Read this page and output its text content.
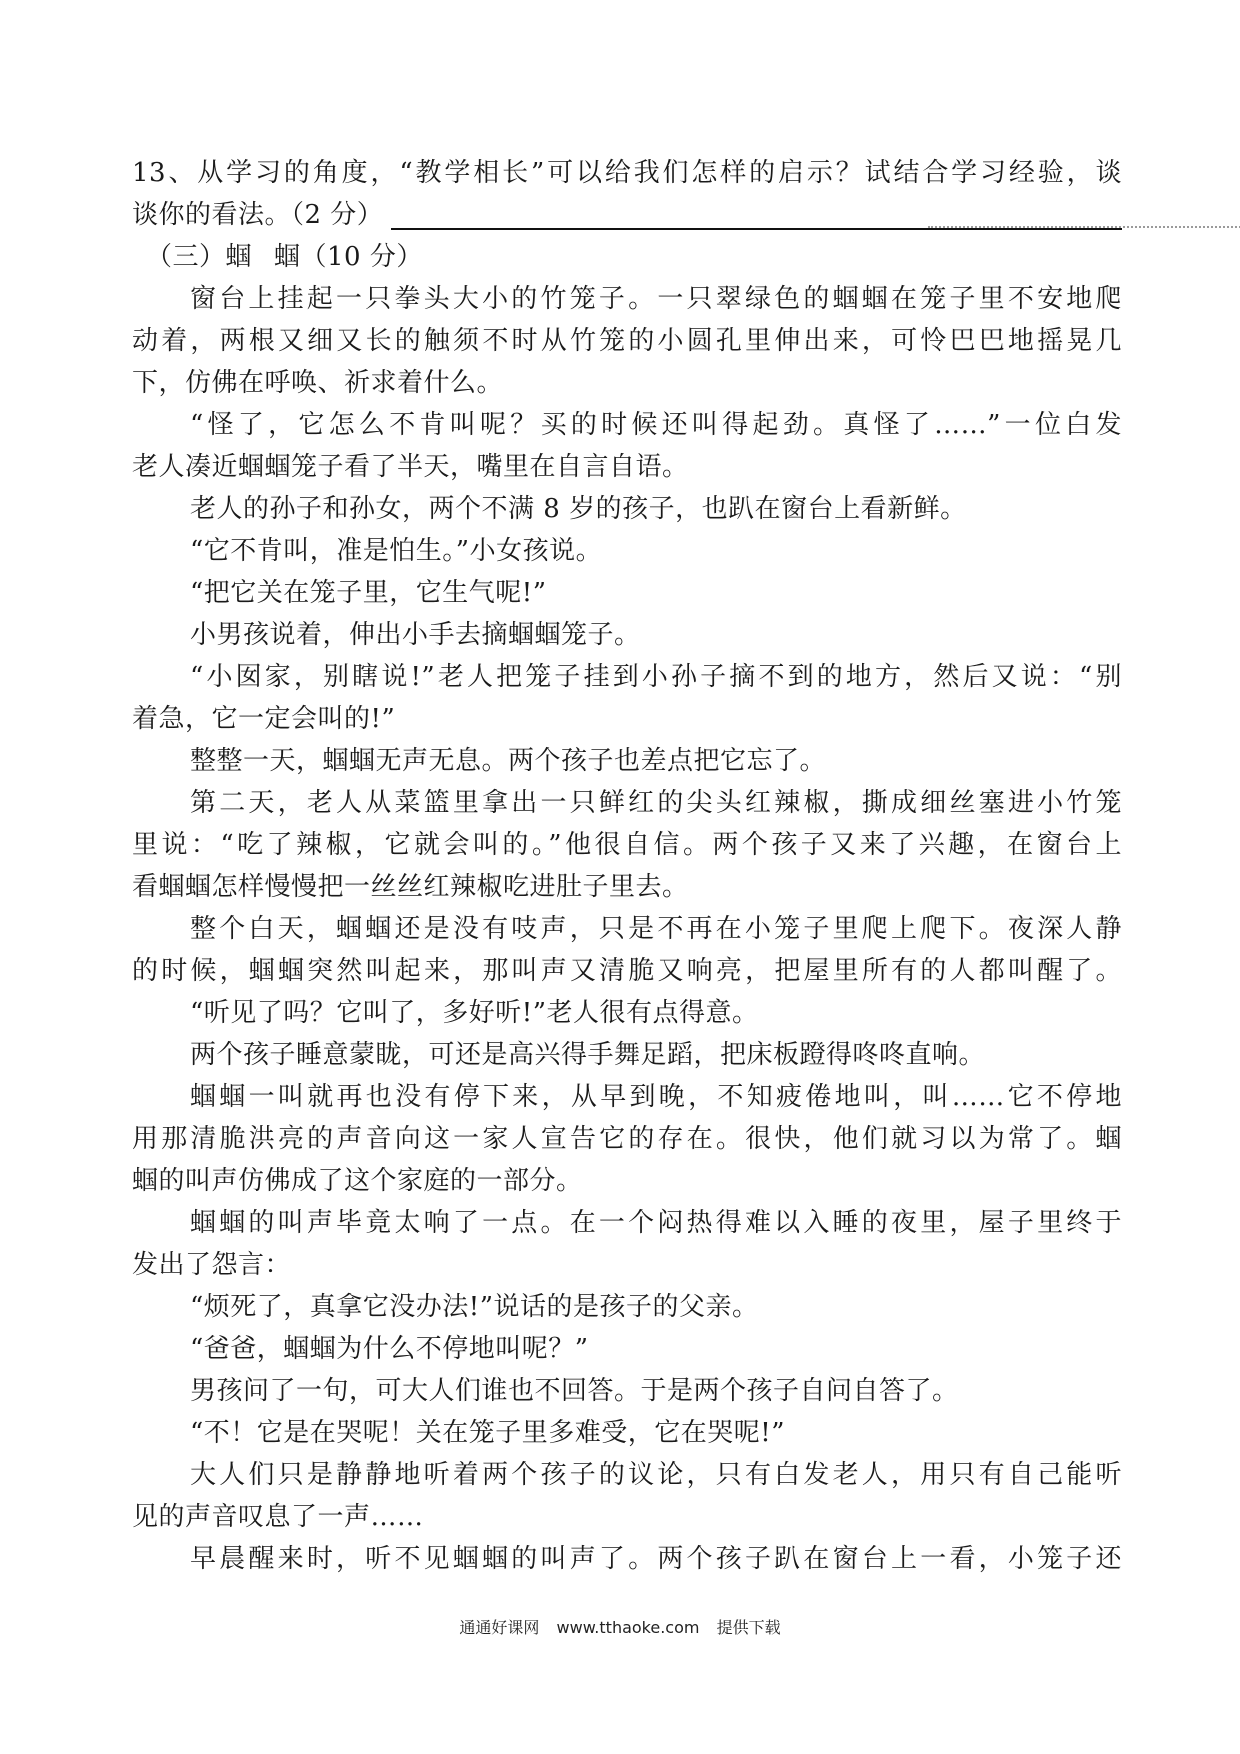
13、从学习的角度，“教学相长”可以给我们怎样的启示？试结合学习经验，谈
谈你的看法。（2 分）
（三）蝈 蝈（10 分）
窗台上挂起一只拳头大小的竹笼子。一只翠绿色的蝈蝈在笼子里不安地爬
动着，两根又细又长的触须不时从竹笼的小圆孔里伸出来，可怜巴巴地摇晃几
下，仿佛在呼唤、祈求着什么。
“怪了，它怎么不肯叫呢？买的时候还叫得起劲。真怪了……”一位白发
老人凑近蝈蝈笼子看了半天，嘴里在自言自语。
老人的孙子和孙女，两个不满 8 岁的孩子，也趴在窗台上看新鲜。
“它不肯叫，准是怕生。”小女孩说。
“把它关在笼子里，它生气呢!”
小男孩说着，伸出小手去摘蝈蝈笼子。
“小囡家，别瞎说!”老人把笼子挂到小孙子摘不到的地方，然后又说：“别
着急，它一定会叫的!”
整整一天，蝈蝈无声无息。两个孩子也差点把它忘了。
第二天，老人从菜篮里拿出一只鲜红的尖头红辣椒，撕成细丝塞进小竹笼
里说：“吃了辣椒，它就会叫的。”他很自信。两个孩子又来了兴趣，在窗台上
看蝈蝈怎样慢慢把一丝丝红辣椒吃进肚子里去。
整个白天，蝈蝈还是没有吱声，只是不再在小笼子里爬上爬下。夜深人静
的时候，蝈蝈突然叫起来，那叫声又清脆又响亮，把屋里所有的人都叫醒了。
“听见了吗？它叫了，多好听!”老人很有点得意。
两个孩子睡意蒙眬，可还是高兴得手舞足蹈，把床板蹬得咚咚直响。
蝈蝈一叫就再也没有停下来，从早到晚，不知疲倦地叫，叫……它不停地
用那清脆洪亮的声音向这一家人宣告它的存在。很快，他们就习以为常了。蝈
蝈的叫声仿佛成了这个家庭的一部分。
蝈蝈的叫声毕竟太响了一点。在一个闷热得难以入睡的夜里，屋子里终于
发出了怨言：
“烦死了，真拿它没办法!”说话的是孩子的父亲。
“爸爸，蝈蝈为什么不停地叫呢？”
男孩问了一句，可大人们谁也不回答。于是两个孩子自问自答了。
“不！它是在哭呢！关在笼子里多难受，它在哭呢!”
大人们只是静静地听着两个孩子的议论，只有白发老人，用只有自己能听
见的声音叹息了一声……
早晨醒来时，听不见蝈蝈的叫声了。两个孩子趴在窗台上一看，小笼子还
通通好课网 www.tthaoke.com 提供下载
